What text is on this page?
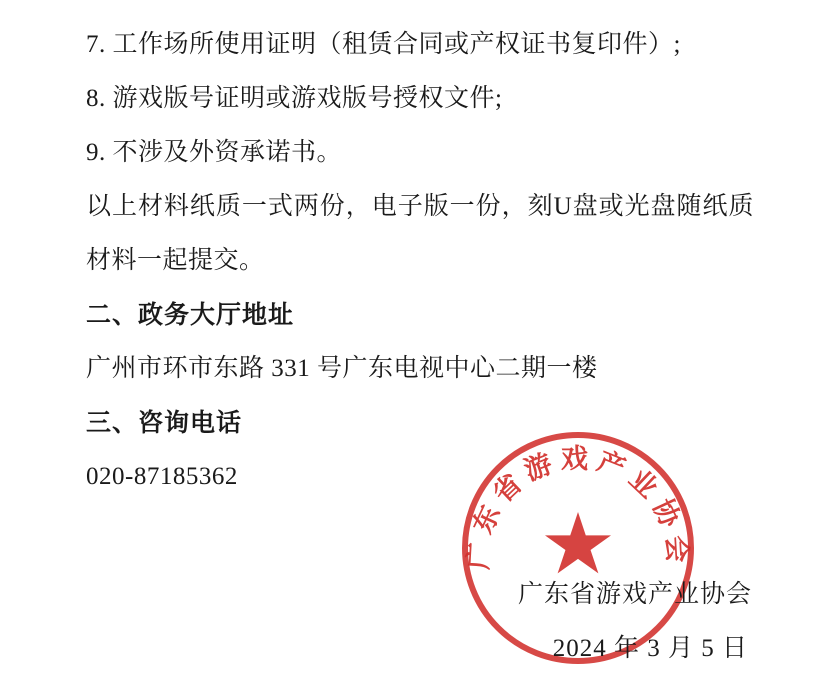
7. 工作场所使用证明（租赁合同或产权证书复印件）;
8. 游戏版号证明或游戏版号授权文件;
9. 不涉及外资承诺书。

以上材料纸质一式两份，电子版一份，刻U盘或光盘随纸质材料一起提交。

二、政务大厅地址
广州市环市东路 331 号广东电视中心二期一楼
三、咨询电话
020-87185362
广东省游戏产业协会
广东省游戏产业协会
2024 年 3 月 5 日
